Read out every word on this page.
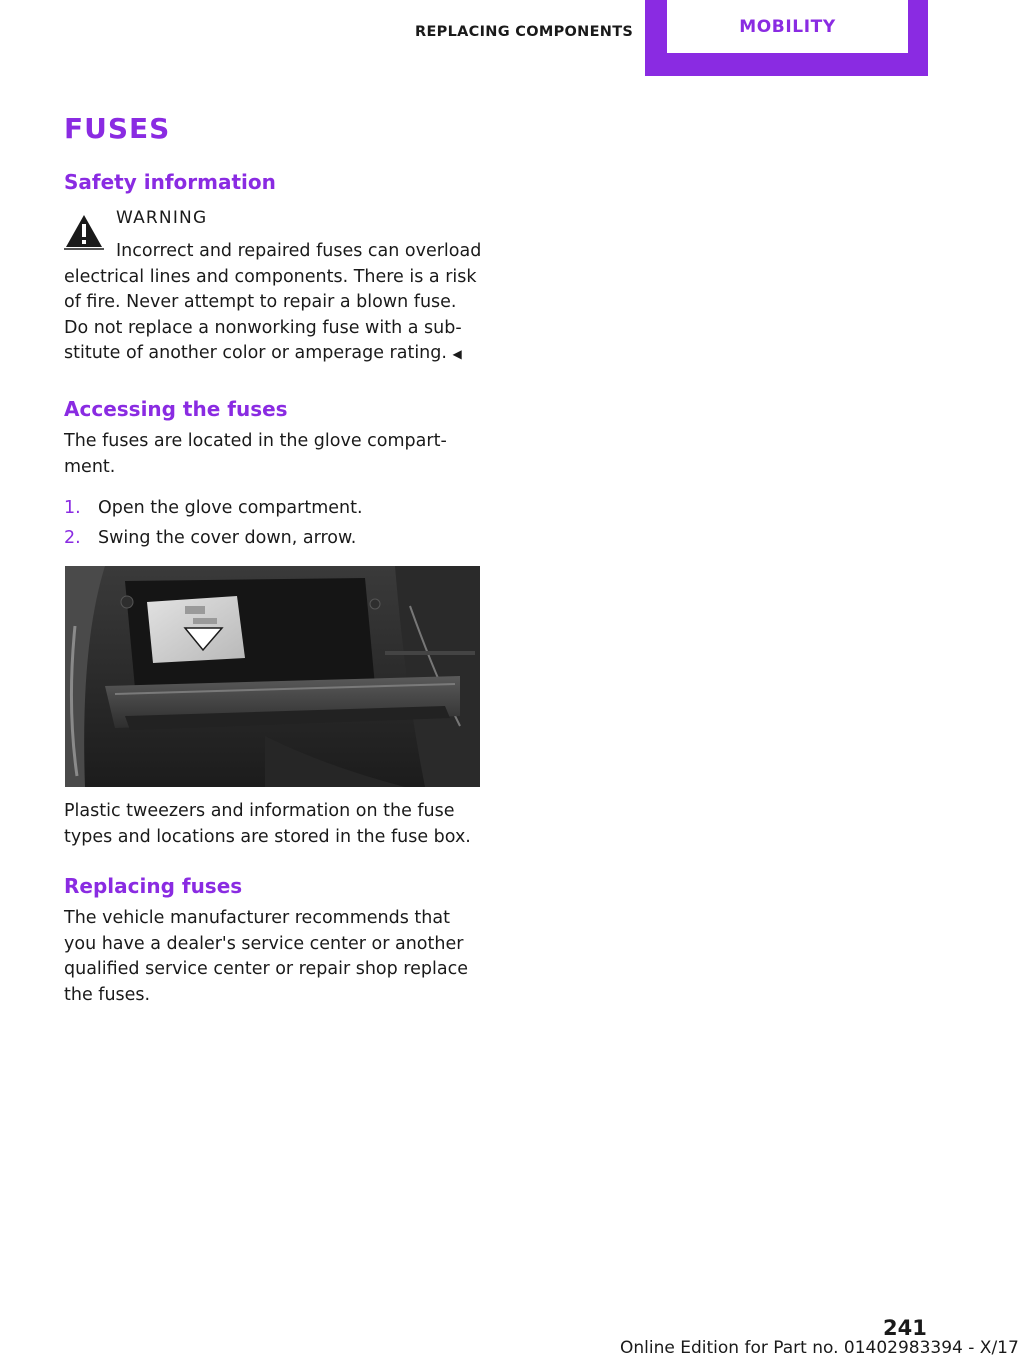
REPLACING COMPONENTS	MOBILITY
FUSES
Safety information
WARNING
Incorrect and repaired fuses can overload electrical lines and components. There is a risk of fire. Never attempt to repair a blown fuse. Do not replace a nonworking fuse with a substitute of another color or amperage rating. ◀
Accessing the fuses
The fuses are located in the glove compartment.
1. Open the glove compartment.
2. Swing the cover down, arrow.
Plastic tweezers and information on the fuse types and locations are stored in the fuse box.
Replacing fuses
The vehicle manufacturer recommends that you have a dealer's service center or another qualified service center or repair shop replace the fuses.
241
Online Edition for Part no. 01402983394 - X/17
